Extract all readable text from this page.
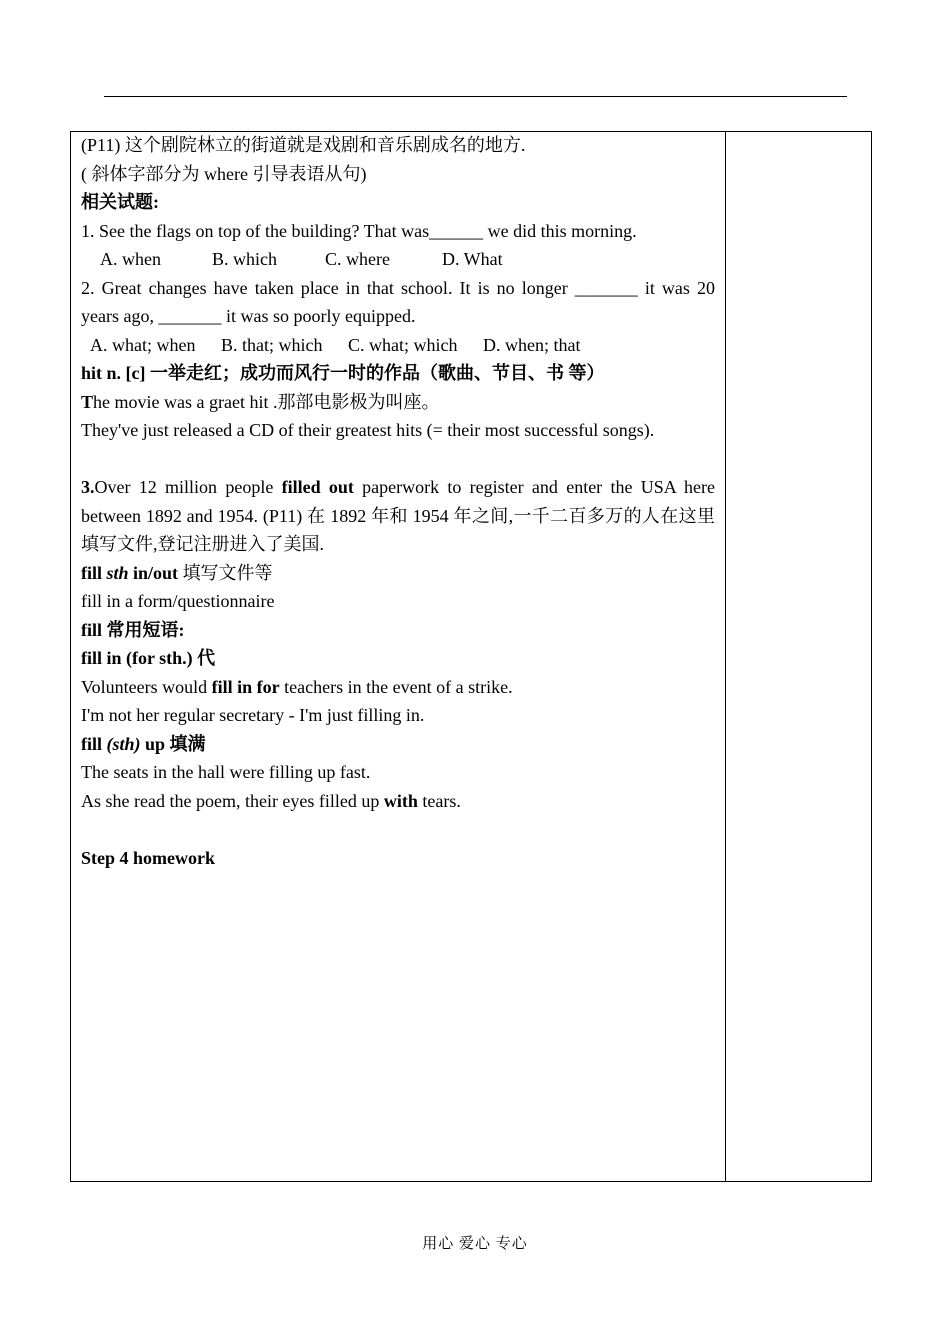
(P11) 这个剧院林立的街道就是戏剧和音乐剧成名的地方.
( 斜体字部分为 where 引导表语从句)
相关试题:
1. See the flags on top of the building? That was______ we did this morning.
A. when	B. which	C. where	D. What
2. Great changes have taken place in that school. It is no longer _______ it was 20 years ago, _______ it was so poorly equipped.
A. what; when B. that; which C. what; which D. when; that
hit n. [c] 一举走红；成功而风行一时的作品（歌曲、节目、书 等）
The movie was a graet hit .那部电影极为叫座。
They've just released a CD of their greatest hits (= their most successful songs).
3.Over 12 million people filled out paperwork to register and enter the USA here between 1892 and 1954. (P11) 在 1892 年和 1954 年之间,一千二百多万的人在这里填写文件,登记注册进入了美国.
fill sth in/out 填写文件等
fill in a form/questionnaire
fill 常用短语:
fill in (for sth.) 代
Volunteers would fill in for teachers in the event of a strike.
I'm not her regular secretary - I'm just filling in.
fill (sth) up 填满
The seats in the hall were filling up fast.
As she read the poem, their eyes filled up with tears.
Step 4 homework
用心 爱心 专心
